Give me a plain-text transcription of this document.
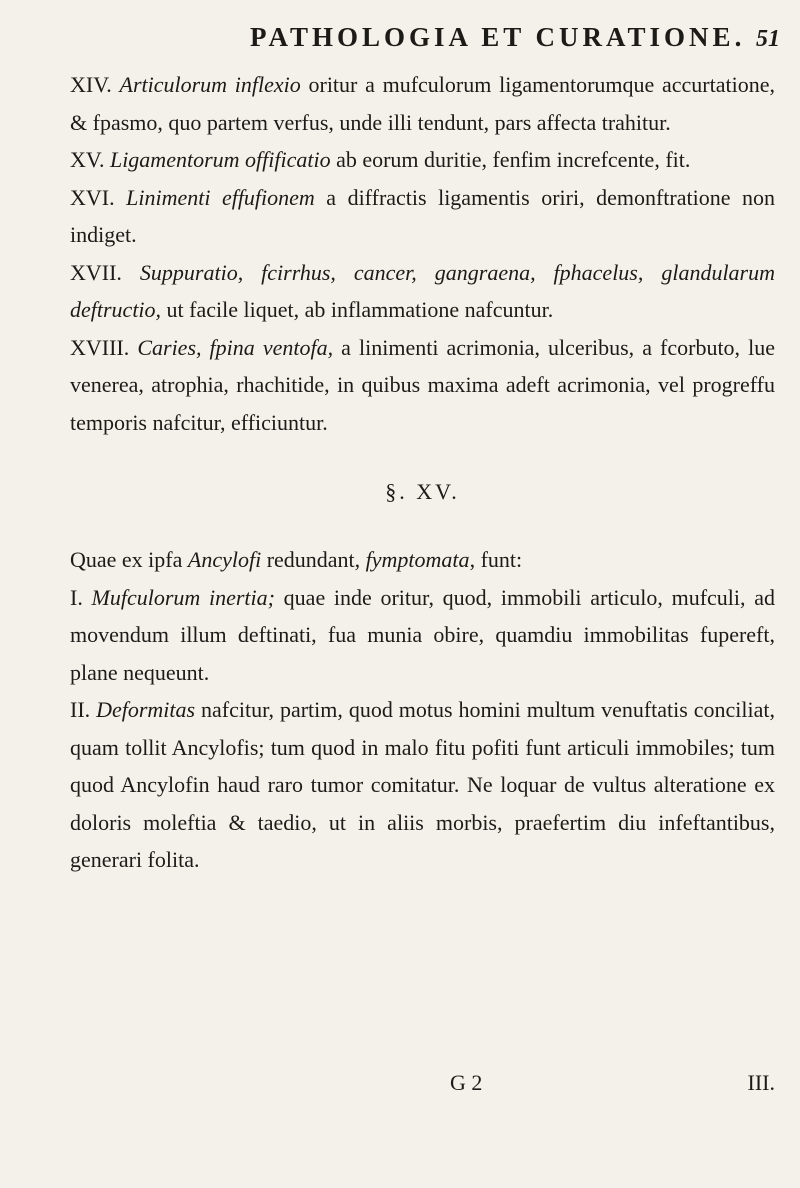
PATHOLOGIA ET CURATIONE. 51

XIV. Articulorum inflexio oritur a mufculorum ligamentorumque accurtatione, & fpasmo, quo partem verfus, unde illi tendunt, pars affecta trahitur.

XV. Ligamentorum offificatio ab eorum duritie, fenfim increfcente, fit.

XVI. Linimenti effufionem a diffractis ligamentis oriri, demonftratione non indiget.

XVII. Suppuratio, fcirrhus, cancer, gangraena, fphacelus, glandularum deftructio, ut facile liquet, ab inflammatione nafcuntur.

XVIII. Caries, fpina ventofa, a linimenti acrimonia, ulceribus, a fcorbuto, lue venerea, atrophia, rhachitide, in quibus maxima adeft acrimonia, vel progreffu temporis nafcitur, efficiuntur.

§. XV.

Quae ex ipfa Ancylofi redundant, fymptomata, funt:

I. Mufculorum inertia; quae inde oritur, quod, immobili articulo, mufculi, ad movendum illum deftinati, fua munia obire, quamdiu immobilitas fupereft, plane nequeunt.

II. Deformitas nafcitur, partim, quod motus homini multum venuftatis conciliat, quam tollit Ancylofis; tum quod in malo fitu pofiti funt articuli immobiles; tum quod Ancylofin haud raro tumor comitatur. Ne loquar de vultus alteratione ex doloris moleftia & taedio, ut in aliis morbis, praefertim diu infeftantibus, generari folita.

G 2	III.
